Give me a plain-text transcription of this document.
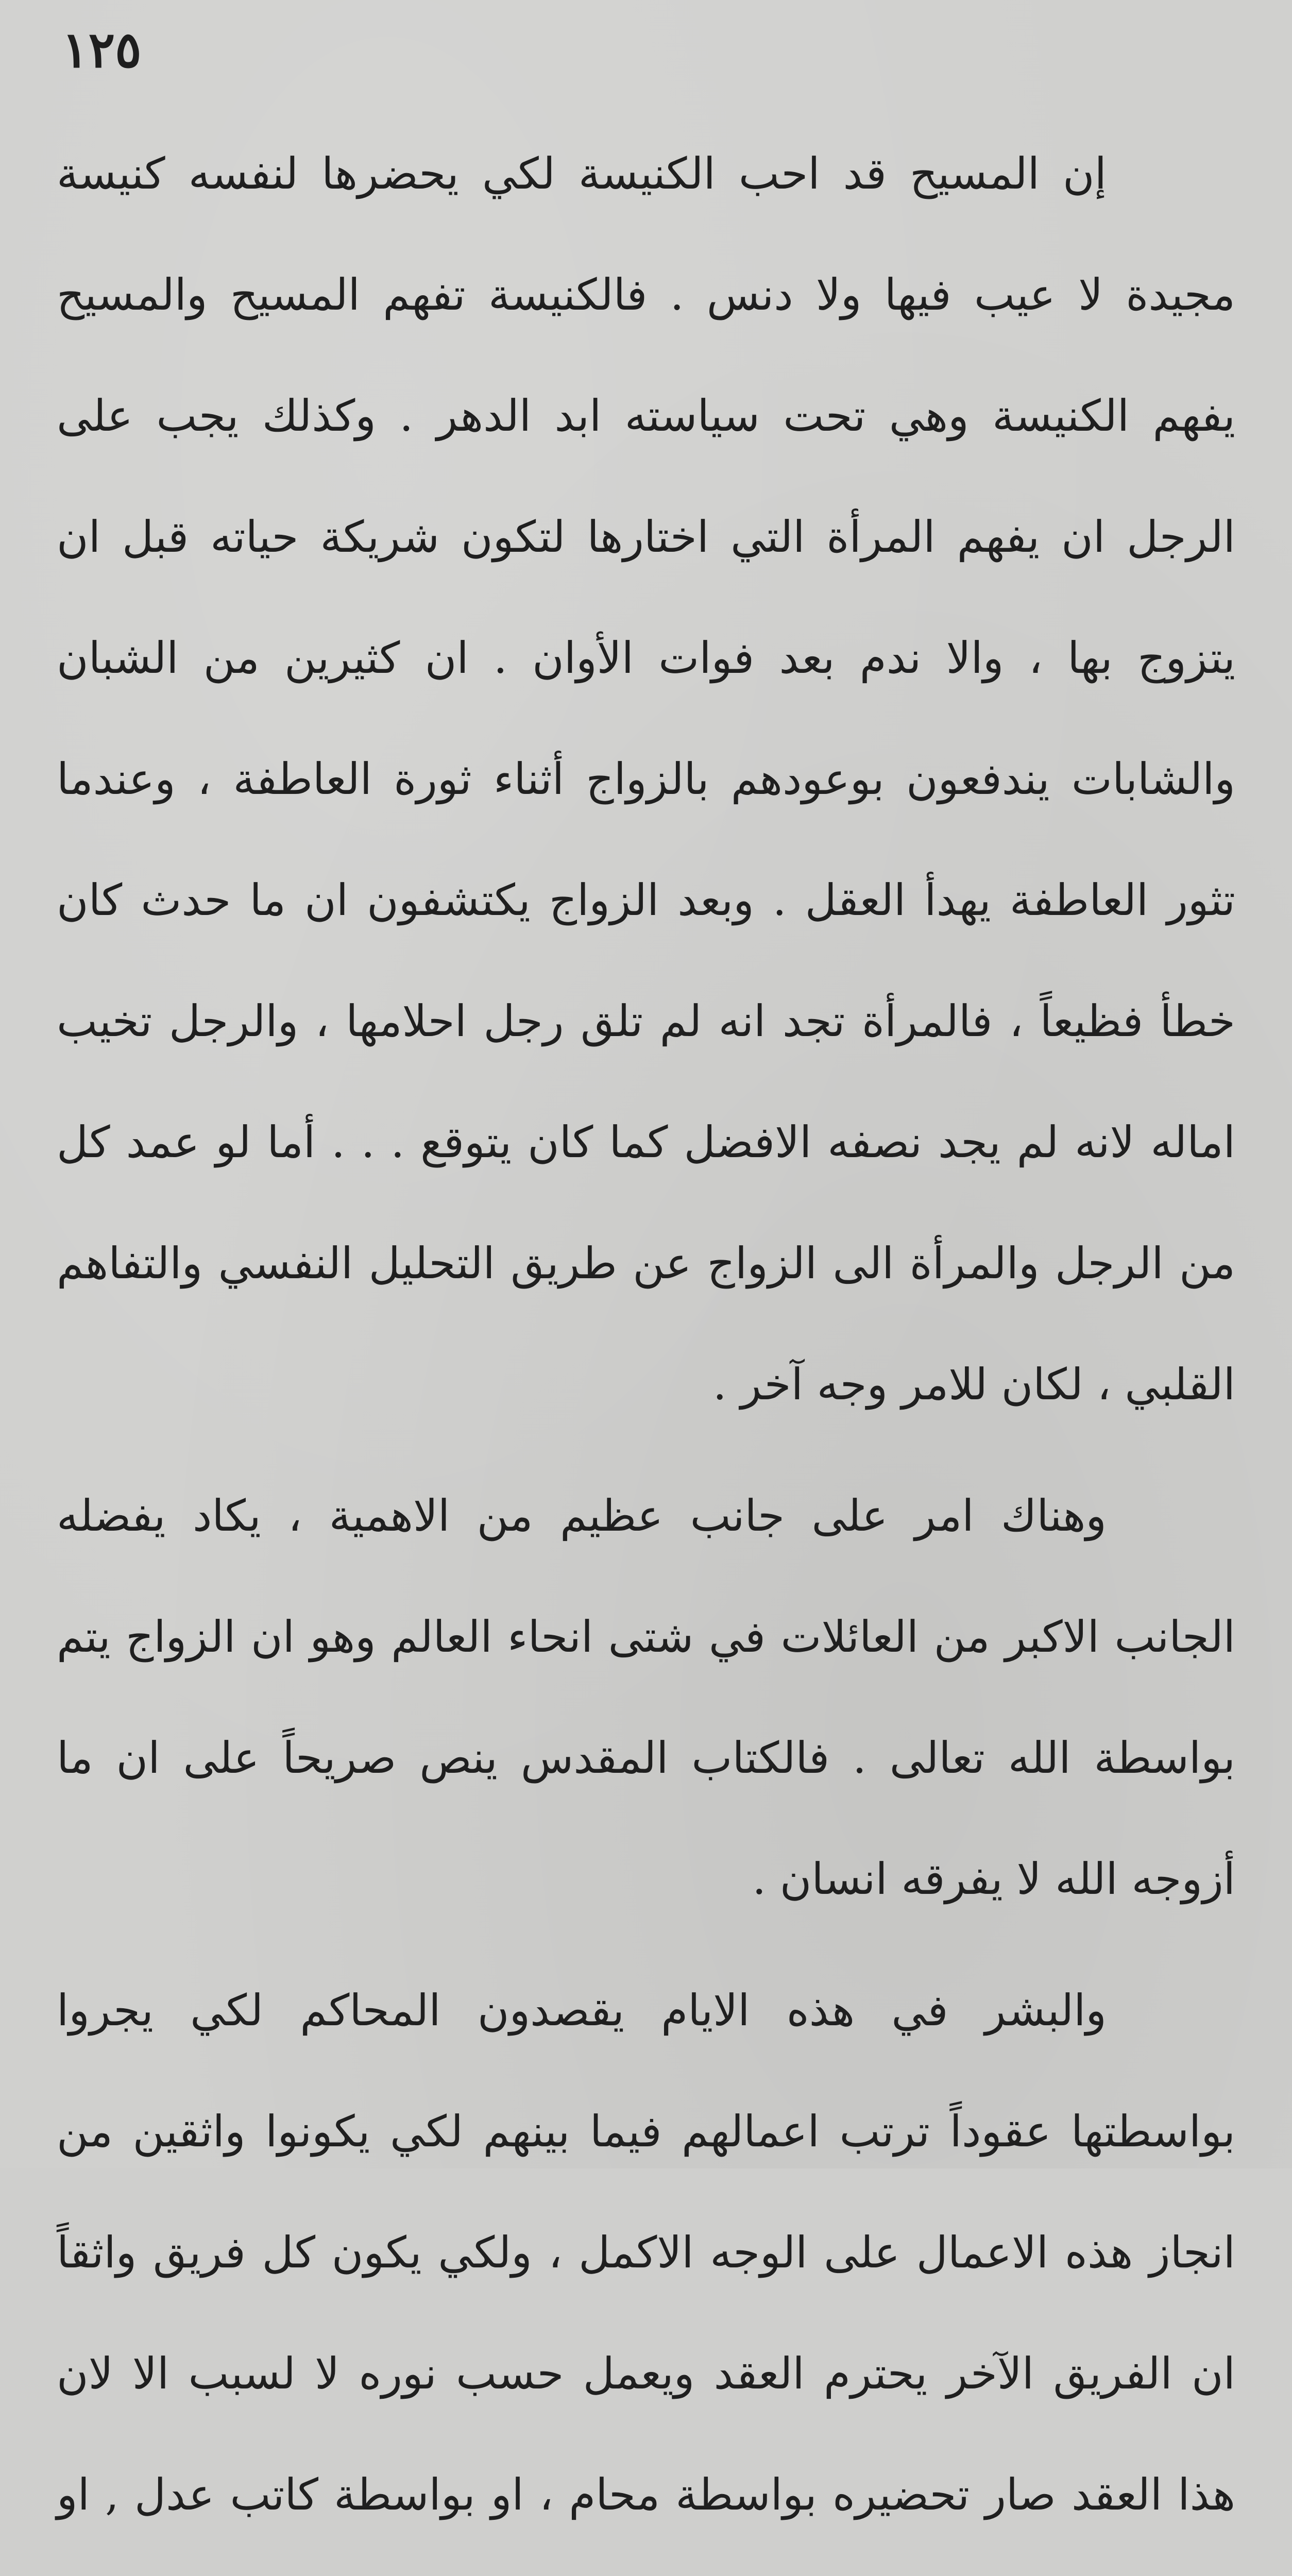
١٢٥

إن المسيح قد احب الكنيسة لكي يحضرها لنفسه كنيسة مجيدة لا عيب فيها ولا دنس . فالكنيسة تفهم المسيح والمسيح يفهم الكنيسة وهي تحت سياسته ابد الدهر . وكذلك يجب على الرجل ان يفهم المرأة التي اختارها لتكون شريكة حياته قبل ان يتزوج بها ، والا ندم بعد فوات الأوان . ان كثيرين من الشبان والشابات يندفعون بوعودهم بالزواج أثناء ثورة العاطفة ، وعندما تثور العاطفة يهدأ العقل . وبعد الزواج يكتشفون ان ما حدث كان خطأ فظيعاً ، فالمرأة تجد انه لم تلق رجل احلامها ، والرجل تخيب اماله لانه لم يجد نصفه الافضل كما كان يتوقع . . . أما لو عمد كل من الرجل والمرأة الى الزواج عن طريق التحليل النفسي والتفاهم القلبي ، لكان للامر وجه آخر .

وهناك امر على جانب عظيم من الاهمية ، يكاد يفضله الجانب الاكبر من العائلات في شتى انحاء العالم وهو ان الزواج يتم بواسطة الله تعالى . فالكتاب المقدس ينص صريحاً على ان ما أزوجه الله لا يفرقه انسان .

والبشر في هذه الايام يقصدون المحاكم لكي يجروا بواسطتها عقوداً ترتب اعمالهم فيما بينهم لكي يكونوا واثقين من انجاز هذه الاعمال على الوجه الاكمل ، ولكي يكون كل فريق واثقاً ان الفريق الآخر يحترم العقد ويعمل حسب نوره لا لسبب الا لان هذا العقد صار تحضيره بواسطة محام ، او بواسطة كاتب عدل , او
